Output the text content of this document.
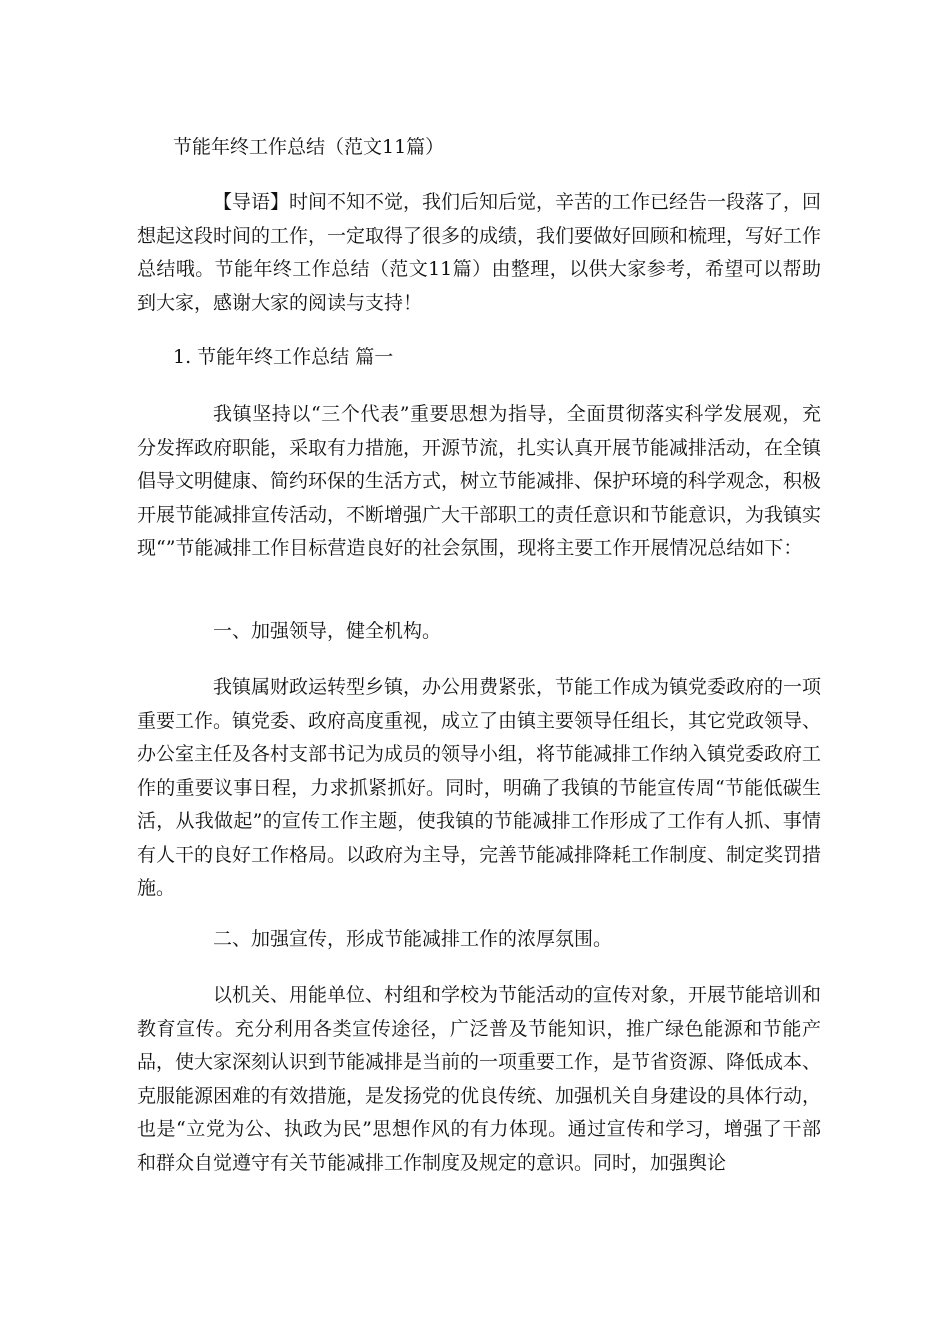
节能年终工作总结（范文11篇）

【导语】时间不知不觉，我们后知后觉，辛苦的工作已经告一段落了，回想起这段时间的工作，一定取得了很多的成绩，我们要做好回顾和梳理，写好工作总结哦。节能年终工作总结（范文11篇）由整理，以供大家参考，希望可以帮助到大家，感谢大家的阅读与支持！

1. 节能年终工作总结 篇一

我镇坚持以“三个代表”重要思想为指导，全面贯彻落实科学发展观，充分发挥政府职能，采取有力措施，开源节流，扎实认真开展节能减排活动，在全镇倡导文明健康、简约环保的生活方式，树立节能减排、保护环境的科学观念，积极开展节能减排宣传活动，不断增强广大干部职工的责任意识和节能意识，为我镇实现“”节能减排工作目标营造良好的社会氛围，现将主要工作开展情况总结如下：

一、加强领导，健全机构。

我镇属财政运转型乡镇，办公用费紧张，节能工作成为镇党委政府的一项重要工作。镇党委、政府高度重视，成立了由镇主要领导任组长，其它党政领导、办公室主任及各村支部书记为成员的领导小组，将节能减排工作纳入镇党委政府工作的重要议事日程，力求抓紧抓好。同时，明确了我镇的节能宣传周“节能低碳生活，从我做起”的宣传工作主题，使我镇的节能减排工作形成了工作有人抓、事情有人干的良好工作格局。以政府为主导，完善节能减排降耗工作制度、制定奖罚措施。

二、加强宣传，形成节能减排工作的浓厚氛围。

以机关、用能单位、村组和学校为节能活动的宣传对象，开展节能培训和教育宣传。充分利用各类宣传途径，广泛普及节能知识，推广绿色能源和节能产品，使大家深刻认识到节能减排是当前的一项重要工作，是节省资源、降低成本、克服能源困难的有效措施，是发扬党的优良传统、加强机关自身建设的具体行动，也是“立党为公、执政为民”思想作风的有力体现。通过宣传和学习，增强了干部和群众自觉遵守有关节能减排工作制度及规定的意识。同时，加强舆论
